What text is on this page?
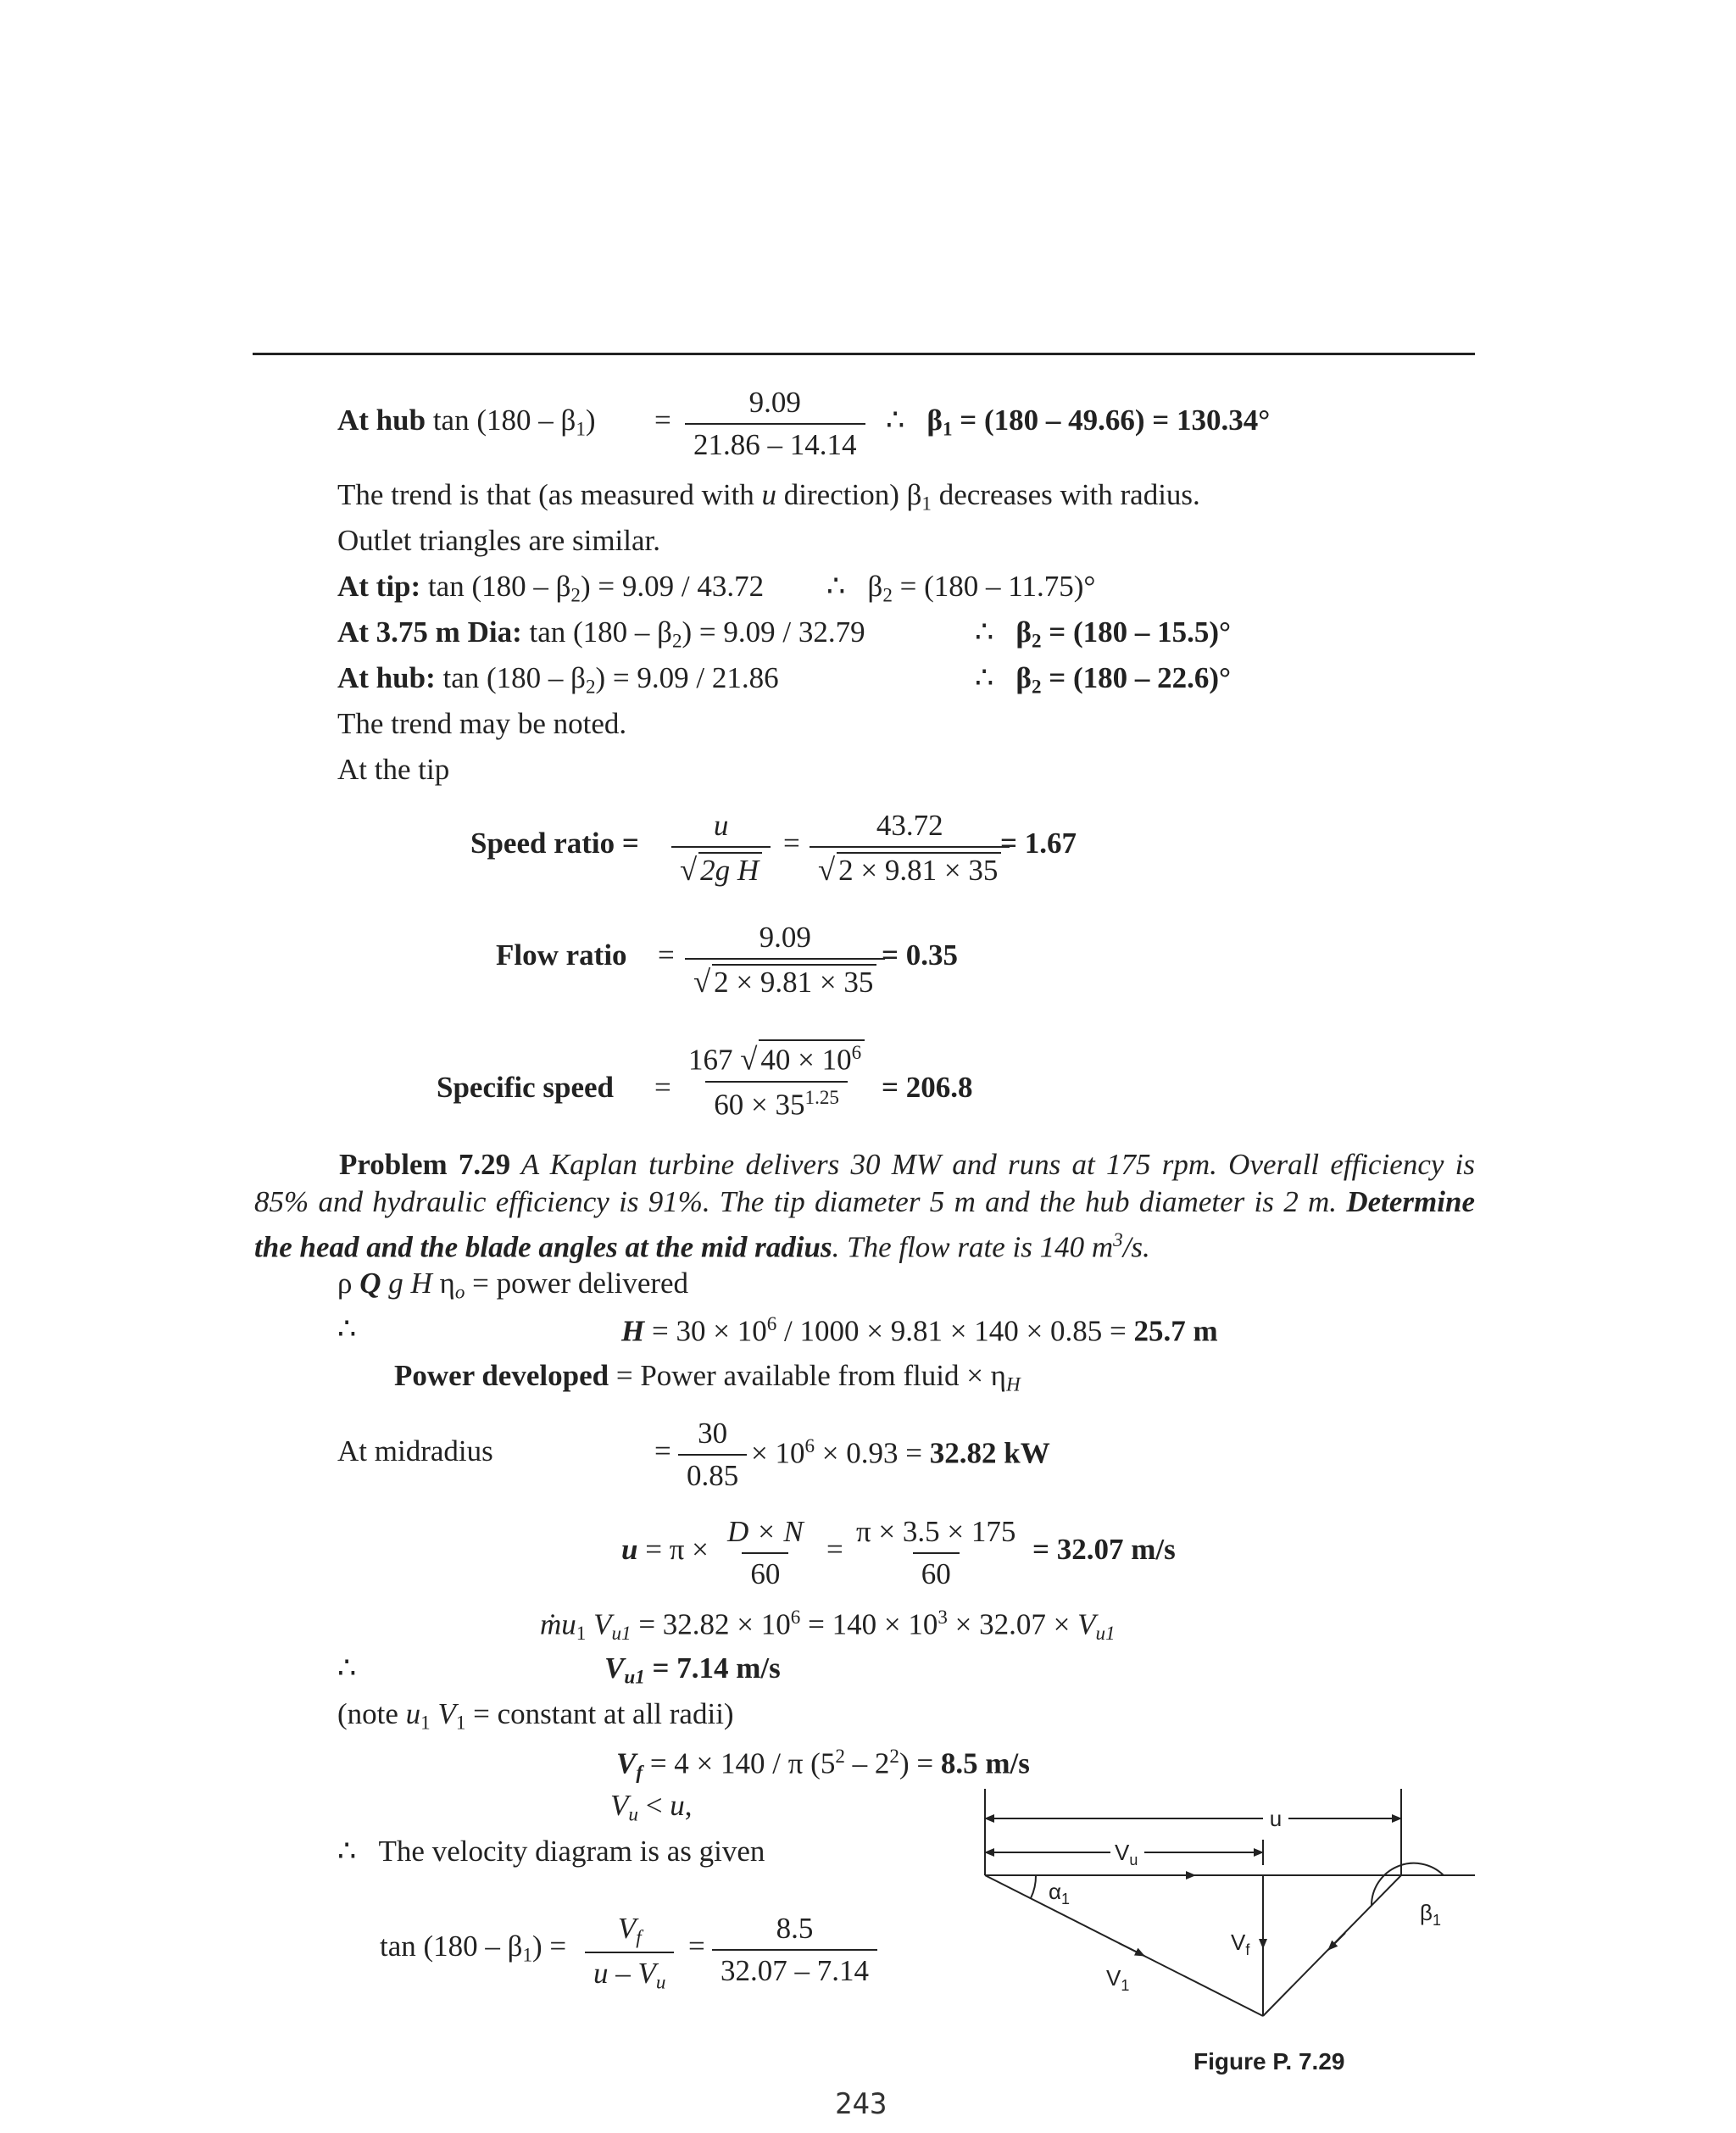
At hub $\tan (180 - \beta_1) = \frac{9.09}{21.86 - 14.14}$ ∴ $\beta_1 = (180 - 49.66) = 130.34^\circ$
The trend is that (as measured with u direction) $\beta_1$ decreases with radius.
Outlet triangles are similar.
At tip: $\tan (180 - \beta_2) = 9.09 / 43.72$ ∴ $\beta_2 = (180 - 11.75)^\circ$
At 3.75 m Dia: $\tan (180 - \beta_2) = 9.09 / 32.79$	∴ $\beta_2 = (180 - 15.5)^\circ$
At hub: $\tan (180 - \beta_2) = 9.09 / 21.86$	∴ $\beta_2 = (180 - 22.6)^\circ$
The trend may be noted.
At the tip
Speed ratio = $\frac{u}{\text{√ 2g H}} = \frac{43.72}{√ 2 \times 9.81 \times 35}$
= 1.67
Flow ratio = $\frac{9.09}{√ 2 \times 9.81 \times 35}$
= 0.35
Specific speed = $\frac{167 √ 40 \times 10^6}{60 \times 35^{1.25}} = 206.8$
Problem 7.29 A Kaplan turbine delivers 30 MW and runs at 175 rpm. Overall efficiency is 85% and hydraulic efficiency is 91%. The tip diameter 5 m and the hub diameter is 2 m. Determine the head and the blade angles at the mid radius. The flow rate is 140 $m^3/s$.
ρ Q g H $\eta_o$ = power delivered
∴	$H = 30 \times 10^6 / 1000 \times 9.81 \times 140 \times 0.85 = 25.7$ m
Power developed = Power available from fluid × $\eta_H$
At midradius	= $\frac{30}{0.85} \times 10^6 \times 0.93 = 32.82$ kW
$u = \pi \times \frac{D \times N}{60} = \frac{\pi \times 3.5 \times 175}{60} = 32.07$ m/s
ṁu$_1$ $V_{u1} = 32.82 \times 10^6 = 140 \times 10^3 \times 32.07 \times V_{u1}$
∴	$V_{u1} = 7.14$ m/s
(note $u_1$ $V_1$ = constant at all radii)
$V_f = 4 \times 140 / \pi$ $(5^2 - 2^2) = 8.5$ m/s
$V_u < u$,
∴ The velocity diagram is as given
$\tan (180 - \beta_1) = \frac{V_f}{u - V_u} = \frac{8.5}{32.07 - 7.14}$
u
$V_u$
$V_1$
$V_f$
$\alpha_1$
$\beta_1$
Figure P. 7.29
243
